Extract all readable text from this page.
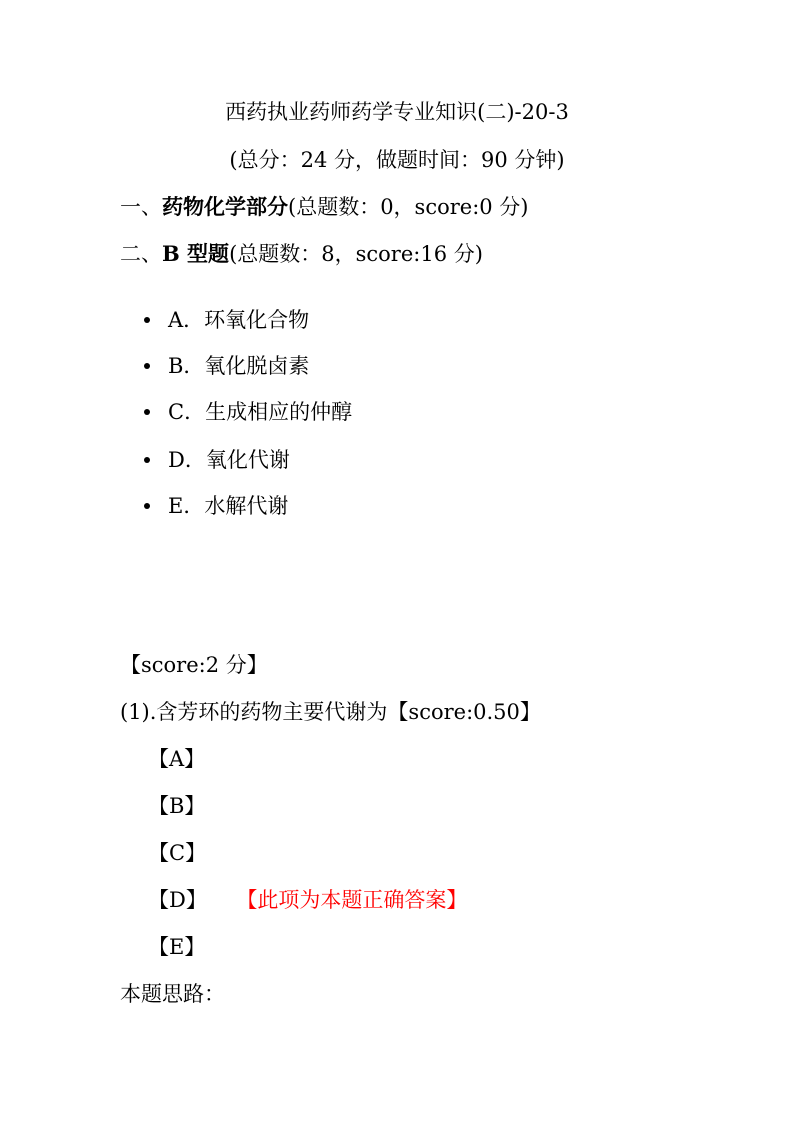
西药执业药师药学专业知识(二)-20-3
(总分：24 分，做题时间：90 分钟)
一、药物化学部分(总题数：0，score:0 分)
二、B 型题(总题数：8，score:16 分)
A．环氧化合物
B．氧化脱卤素
C．生成相应的仲醇
D．氧化代谢
E．水解代谢
【score:2 分】
(1).含芳环的药物主要代谢为【score:0.50】
【A】
【B】
【C】
【D】 【此项为本题正确答案】
【E】
本题思路：
